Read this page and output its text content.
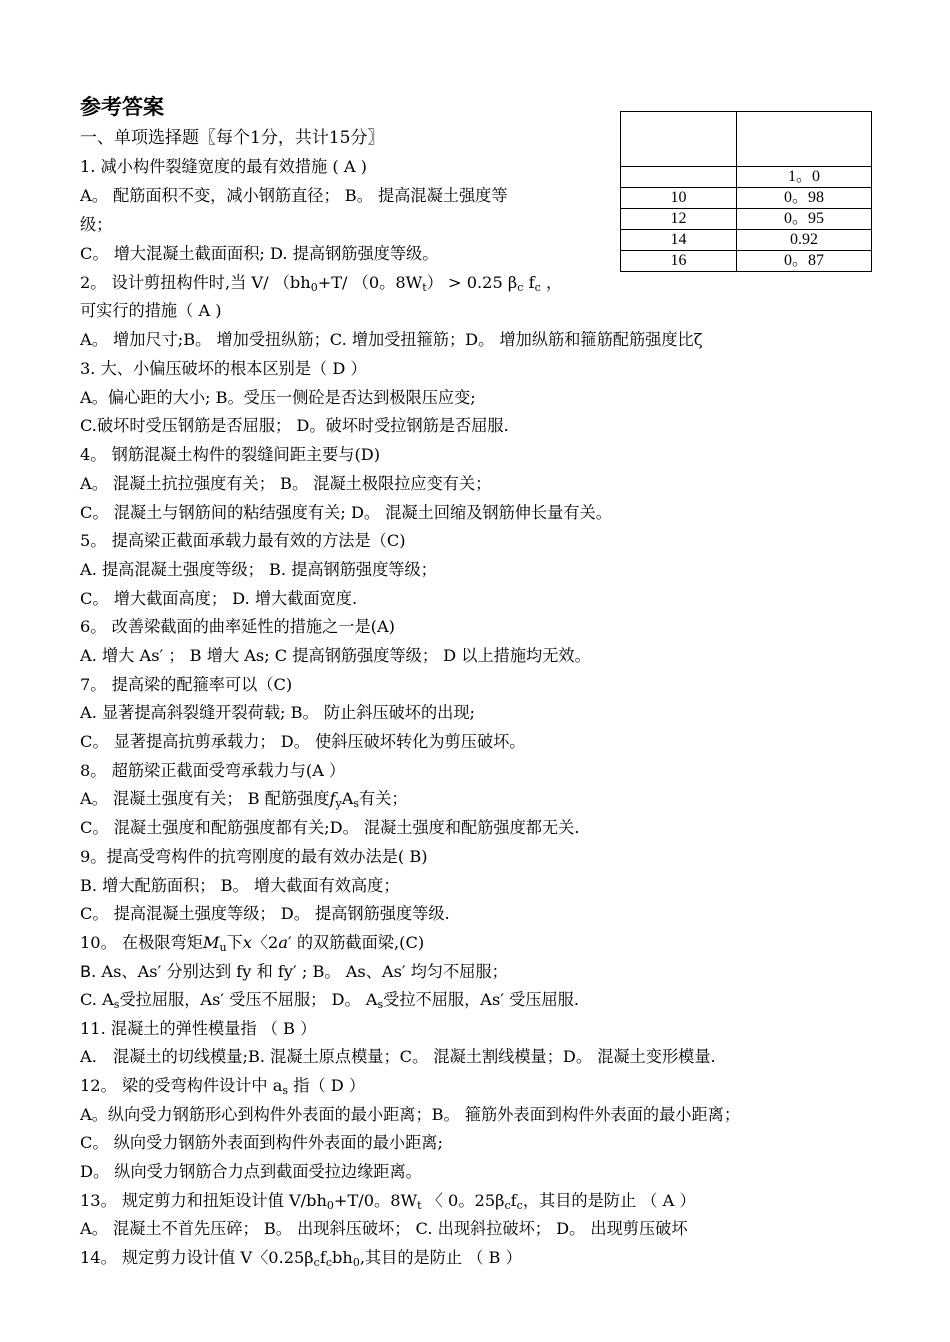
参考答案

	1。0
10	0。98
12	0。95
14	0.92
16	0。87
一、单项选择题〖每个1分，共计15分〗
1. 减小构件裂缝宽度的最有效措施 ( A )
A。 配筋面积不变，减小钢筋直径； B。 提高混凝土强度等
级；
C。 增大混凝土截面面积; D. 提高钢筋强度等级。
2。 设计剪扭构件时,当 V/ （$bh_0+T/$ （0。$8W_t) > 0.25$ $\beta_c$ $f_c$ ，
可实行的措施（ A )
A。 增加尺寸;B。 增加受扭纵筋；C. 增加受扭箍筋；D。 增加纵筋和箍筋配筋强度比ζ
3. 大、小偏压破坏的根本区别是（ D ）
A。偏心距的大小; B。受压一侧砼是否达到极限压应变;
C.破坏时受压钢筋是否屈服； D。破坏时受拉钢筋是否屈服.
4。 钢筋混凝土构件的裂缝间距主要与(D)
A。 混凝土抗拉强度有关； B。 混凝土极限拉应变有关；
C。 混凝土与钢筋间的粘结强度有关; D。 混凝土回缩及钢筋伸长量有关。
5。 提高梁正截面承载力最有效的方法是（C)
A. 提高混凝土强度等级； B. 提高钢筋强度等级；
C。 增大截面高度； D. 增大截面宽度.
6。 改善梁截面的曲率延性的措施之一是(A)
A. 增大 As′ ； B 增大 As; C 提高钢筋强度等级； D 以上措施均无效。
7。 提高梁的配箍率可以（C)
A. 显著提高斜裂缝开裂荷载; B。 防止斜压破坏的出现;
C。 显著提高抗剪承载力； D。 使斜压破坏转化为剪压破坏。
8。 超筋梁正截面受弯承载力与(A ）
A。 混凝土强度有关； B 配筋强度$f_yA_s$有关；
C。 混凝土强度和配筋强度都有关;D。 混凝土强度和配筋强度都无关.
9。提高受弯构件的抗弯刚度的最有效办法是( B)
B. 增大配筋面积； B。 增大截面有效高度；
C。 提高混凝土强度等级； D。 提高钢筋强度等级.
10。 在极限弯矩$M_u$下x〈2a′ 的双筋截面梁,(C)
B. As、As′ 分别达到 fy 和 fy′ ; B。 As、As′ 均匀不屈服；
C. $A_s$受拉屈服，As′ 受压不屈服； D。 $A_s$受拉不屈服，As′ 受压屈服.
11. 混凝土的弹性模量指 （ B ）
A． 混凝土的切线模量;B. 混凝土原点模量；C。 混凝土割线模量；D。 混凝土变形模量.
12。 梁的受弯构件设计中 $a_s$ 指（ D ）
A。纵向受力钢筋形心到构件外表面的最小距离；B。 箍筋外表面到构件外表面的最小距离；
C。 纵向受力钢筋外表面到构件外表面的最小距离;
D。 纵向受力钢筋合力点到截面受拉边缘距离。
13。 规定剪力和扭矩设计值 $V/bh_0+T/0$。$8W_t$ 〈 0。$25\beta_cf_c$，其目的是防止 （ A ）
A。 混凝土不首先压碎； B。 出现斜压破坏； C. 出现斜拉破坏； D。 出现剪压破坏
14。 规定剪力设计值 V〈$0.25\beta_cf_cbh_0$,其目的是防止 （ B ）
